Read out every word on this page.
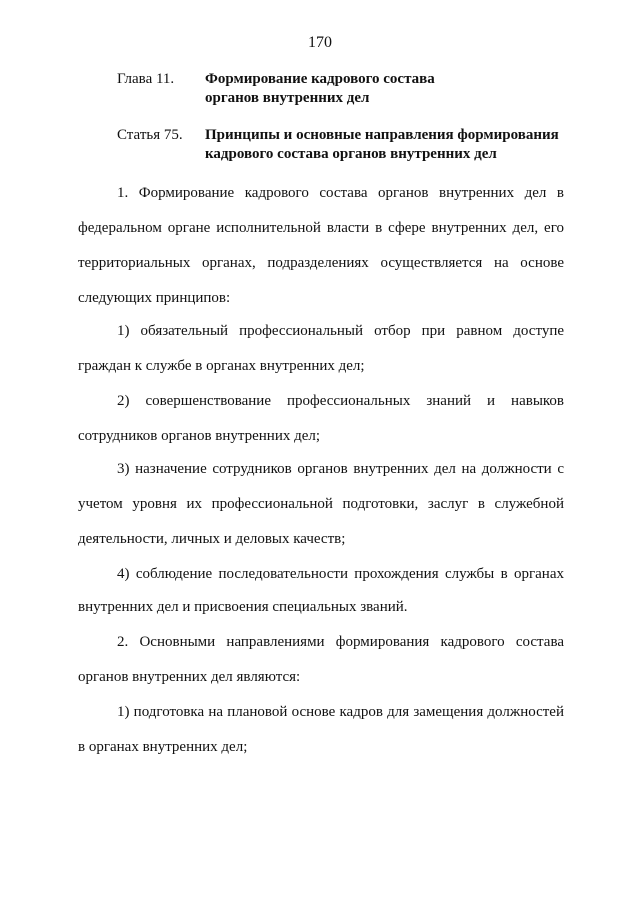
170
Глава 11. Формирование кадрового состава
органов внутренних дел
Статья 75. Принципы и основные направления формирования
кадрового состава органов внутренних дел
1. Формирование кадрового состава органов внутренних дел в
федеральном органе исполнительной власти в сфере внутренних дел, его
территориальных органах, подразделениях осуществляется на основе
следующих принципов:
1) обязательный профессиональный отбор при равном доступе
граждан к службе в органах внутренних дел;
2) совершенствование профессиональных знаний и навыков
сотрудников органов внутренних дел;
3) назначение сотрудников органов внутренних дел на должности с
учетом уровня их профессиональной подготовки, заслуг в служебной
деятельности, личных и деловых качеств;
4) соблюдение последовательности прохождения службы в органах
внутренних дел и присвоения специальных званий.
2. Основными направлениями формирования кадрового состава
органов внутренних дел являются:
1) подготовка на плановой основе кадров для замещения должностей
в органах внутренних дел;
